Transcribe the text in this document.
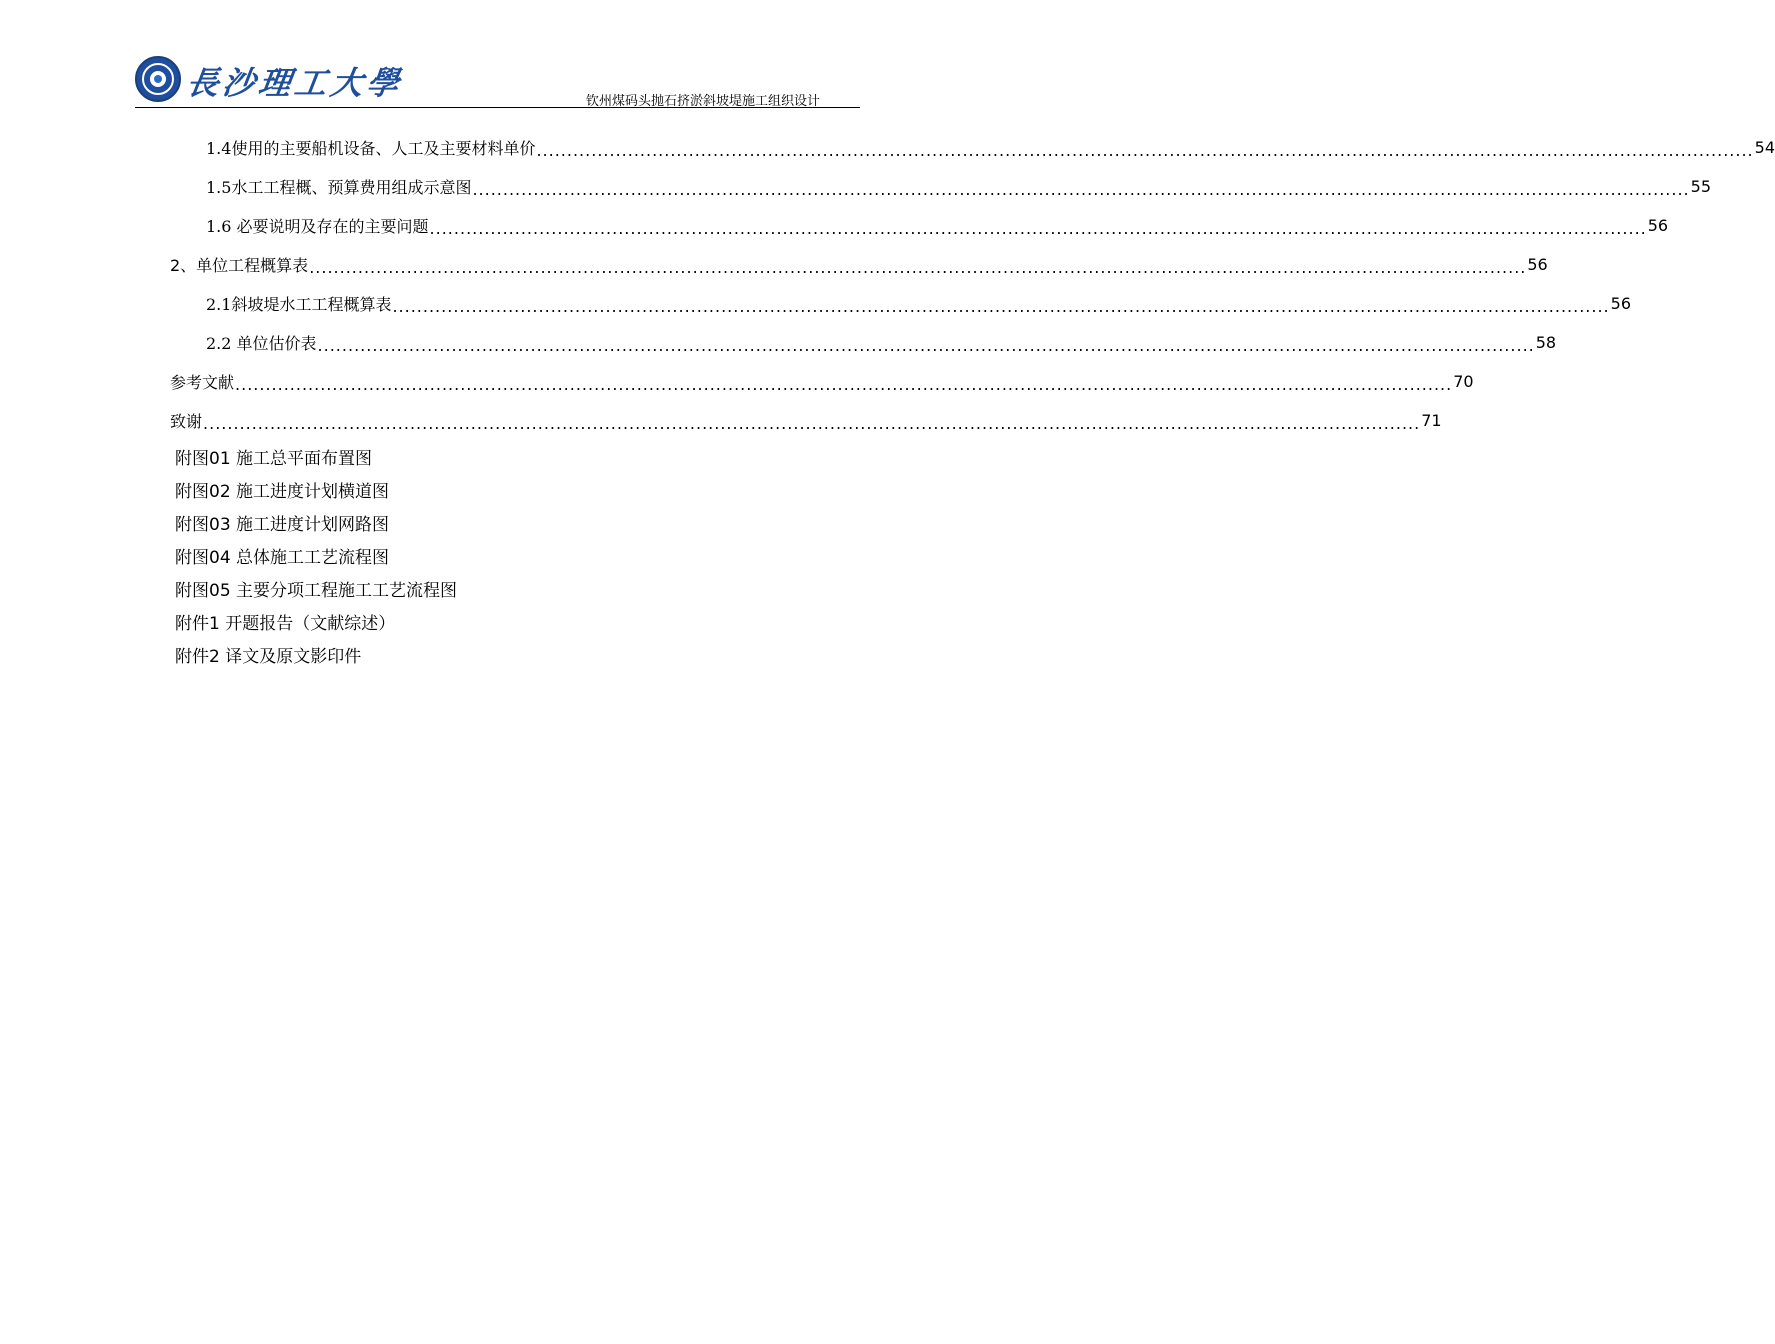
長沙理工大學	钦州煤码头抛石挤淤斜坡堤施工组织设计
1.4使用的主要船机设备、人工及主要材料单价 ........................................................................................................................................................................................................ 54
1.5水工工程概、预算费用组成示意图 ........................................................................................................................................................................................................ 55
1.6 必要说明及存在的主要问题 ........................................................................................................................................................................................................ 56
2、单位工程概算表 ........................................................................................................................................................................................................ 56
2.1斜坡堤水工工程概算表 ........................................................................................................................................................................................................ 56
2.2 单位估价表 ........................................................................................................................................................................................................ 58
参考文献 ........................................................................................................................................................................................................ 70
致谢 ........................................................................................................................................................................................................ 71
附图01 施工总平面布置图
附图02 施工进度计划横道图
附图03 施工进度计划网路图
附图04 总体施工工艺流程图
附图05 主要分项工程施工工艺流程图
附件1 开题报告（文献综述）
附件2 译文及原文影印件
